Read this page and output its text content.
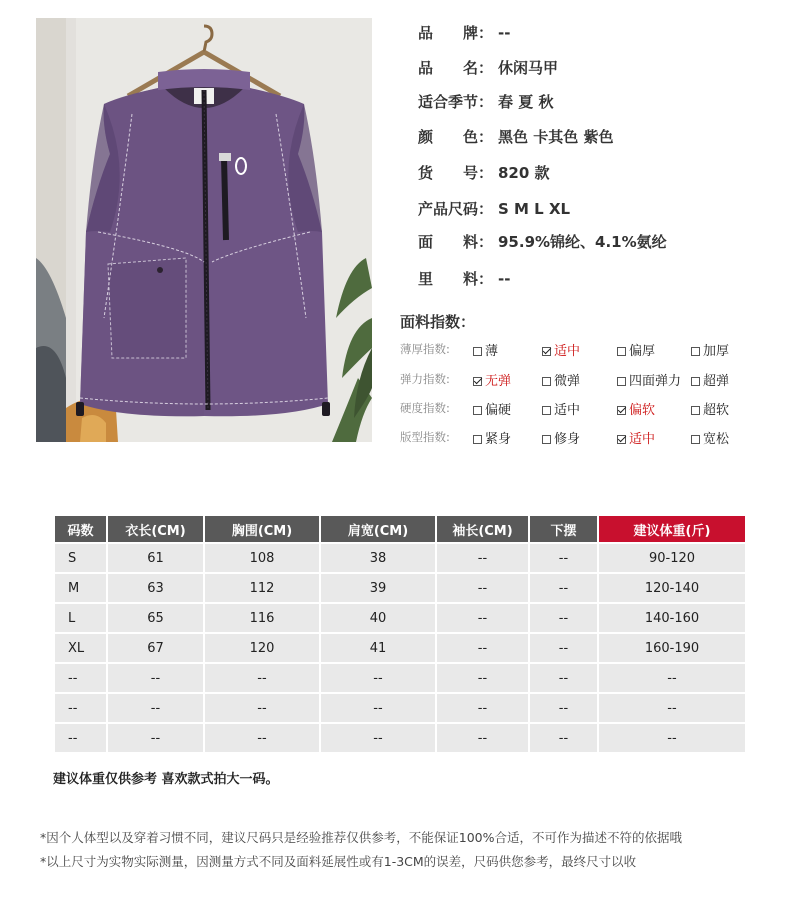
品　　牌： --
品　　名： 休闲马甲
适合季节： 春 夏 秋
颜　　色： 黑色 卡其色 紫色
货　　号： 820 款
产品尺码： S M L XL
面　　料： 95.9%锦纶、4.1%氨纶
里　　料： --
面料指数：
薄厚指数:	薄	适中	偏厚	加厚
弹力指数:	无弹	微弹	四面弹力	超弹
硬度指数:	偏硬	适中	偏软	超软
版型指数:	紧身	修身	适中	宽松
码数	衣长(CM)	胸围(CM)	肩宽(CM)	袖长(CM)	下摆	建议体重(斤)
S	61	108	38	--	--	90-120
M	63	112	39	--	--	120-140
L	65	116	40	--	--	140-160
XL	67	120	41	--	--	160-190
--	--	--	--	--	--	--
--	--	--	--	--	--	--
--	--	--	--	--	--	--
建议体重仅供参考 喜欢款式拍大一码。
*因个人体型以及穿着习惯不同，建议尺码只是经验推荐仅供参考，不能保证100%合适，不可作为描述不符的依据哦
*以上尺寸为实物实际测量，因测量方式不同及面料延展性或有1-3CM的误差，尺码供您参考，最终尺寸以收
